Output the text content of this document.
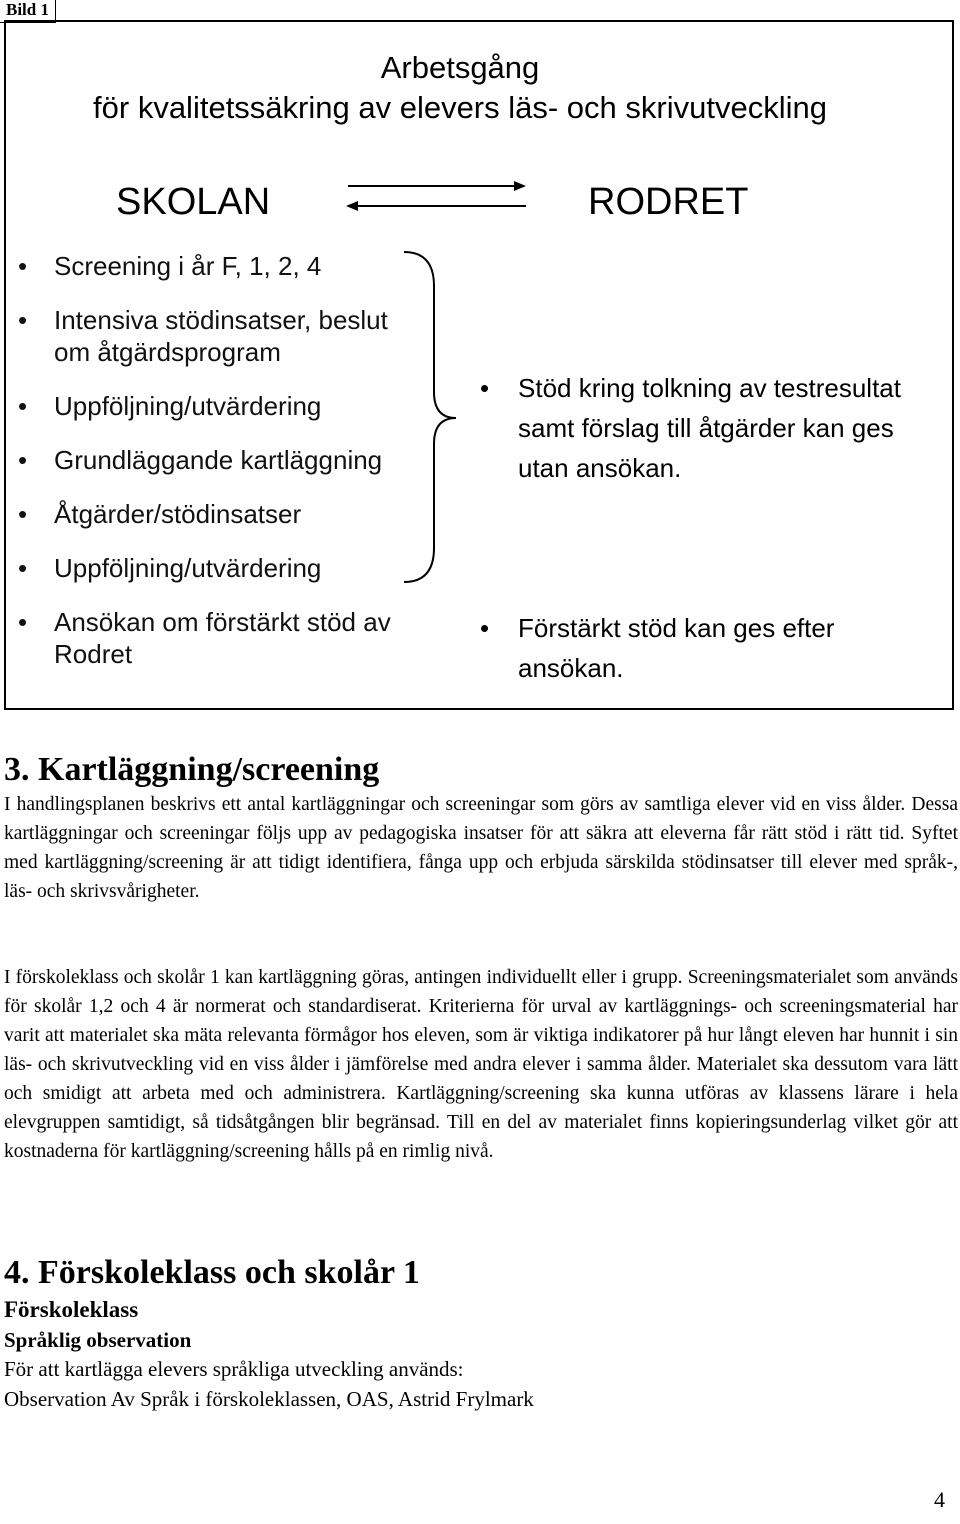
Bild 1
Arbetsgång
för kvalitetssäkring av elevers läs- och skrivutveckling
SKOLAN	RODRET
• Screening i år F, 1, 2, 4
• Intensiva stödinsatser, beslut om åtgärdsprogram
• Uppföljning/utvärdering
• Grundläggande kartläggning
• Åtgärder/stödinsatser
• Uppföljning/utvärdering
• Ansökan om förstärkt stöd av Rodret
• Stöd kring tolkning av testresultat samt förslag till åtgärder kan ges utan ansökan.
• Förstärkt stöd kan ges efter ansökan.
3. Kartläggning/screening
I handlingsplanen beskrivs ett antal kartläggningar och screeningar som görs av samtliga elever vid en viss ålder. Dessa kartläggningar och screeningar följs upp av pedagogiska insatser för att säkra att eleverna får rätt stöd i rätt tid. Syftet med kartläggning/screening är att tidigt identifiera, fånga upp och erbjuda särskilda stödinsatser till elever med språk-, läs- och skrivsvårigheter.
I förskoleklass och skolår 1 kan kartläggning göras, antingen individuellt eller i grupp. Screeningsmaterialet som används för skolår 1,2 och 4 är normerat och standardiserat. Kriterierna för urval av kartläggnings- och screeningsmaterial har varit att materialet ska mäta relevanta förmågor hos eleven, som är viktiga indikatorer på hur långt eleven har hunnit i sin läs- och skrivutveckling vid en viss ålder i jämförelse med andra elever i samma ålder. Materialet ska dessutom vara lätt och smidigt att arbeta med och administrera. Kartläggning/screening ska kunna utföras av klassens lärare i hela elevgruppen samtidigt, så tidsåtgången blir begränsad. Till en del av materialet finns kopieringsunderlag vilket gör att kostnaderna för kartläggning/screening hålls på en rimlig nivå.
4. Förskoleklass och skolår 1
Förskoleklass
Språklig observation
För att kartlägga elevers språkliga utveckling används:
Observation Av Språk i förskoleklassen, OAS, Astrid Frylmark
4
